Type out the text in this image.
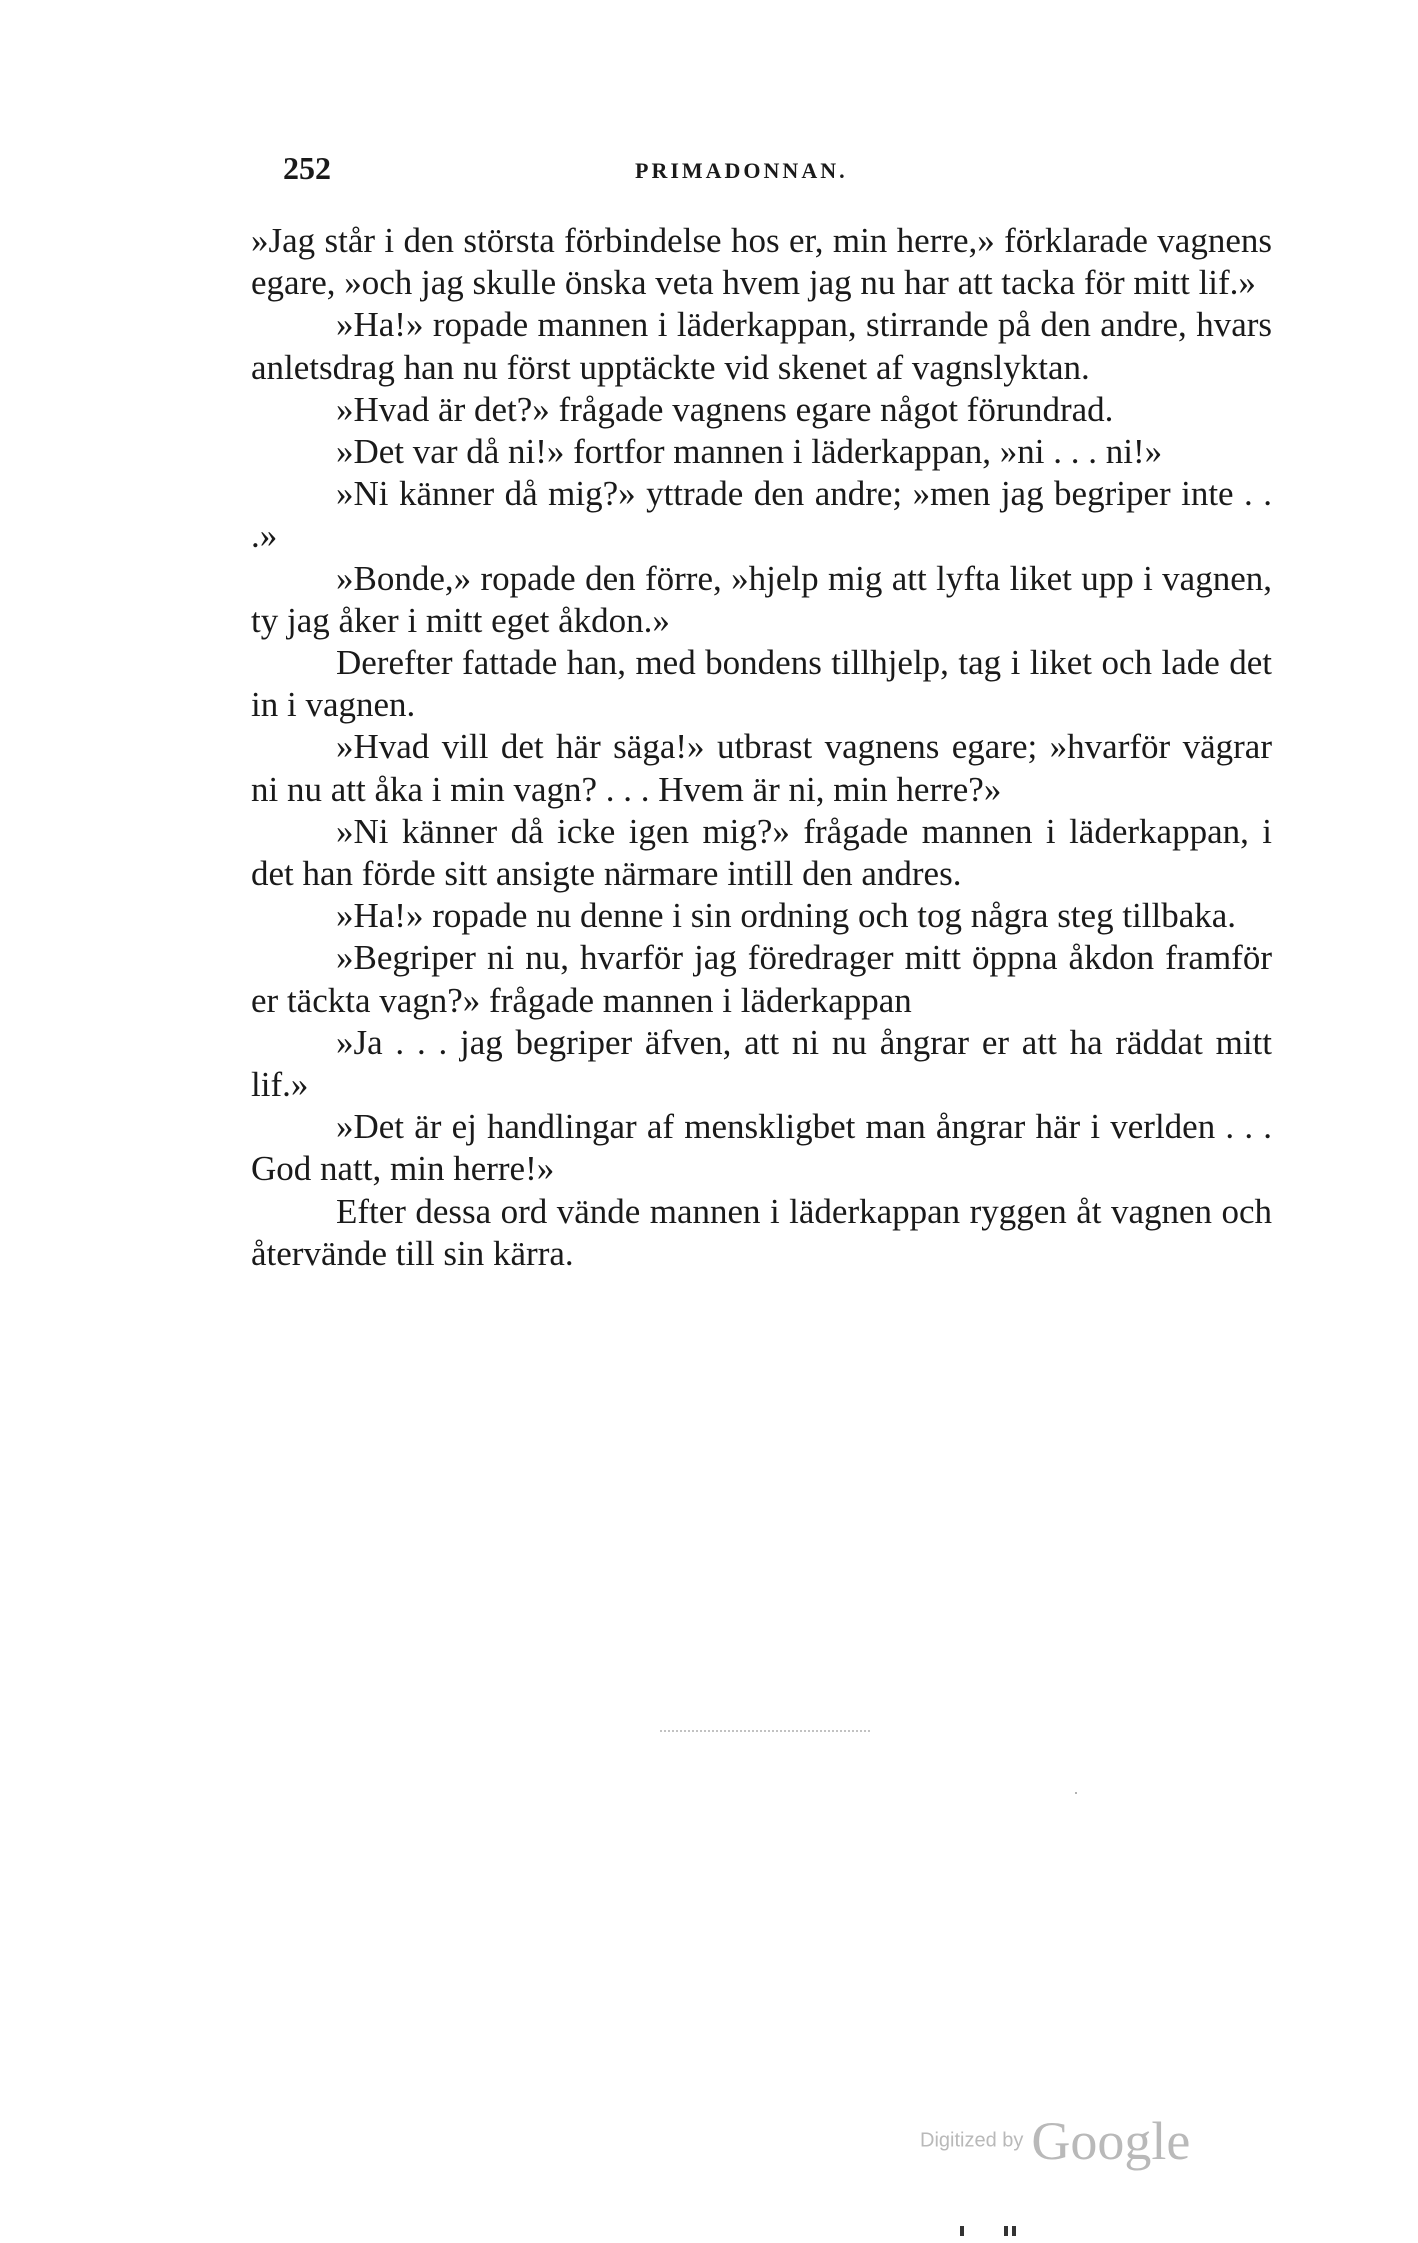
252	PRIMADONNAN.

»Jag står i den största förbindelse hos er, min herre,» förklarade vagnens egare, »och jag skulle önska veta hvem jag nu har att tacka för mitt lif.»

»Ha!» ropade mannen i läderkappan, stirrande på den andre, hvars anletsdrag han nu först upptäckte vid skenet af vagnslyktan.

»Hvad är det?» frågade vagnens egare något förundrad.

»Det var då ni!» fortfor mannen i läderkappan, »ni . . . ni!»

»Ni känner då mig?» yttrade den andre; »men jag begriper inte . . .»

»Bonde,» ropade den förre, »hjelp mig att lyfta liket upp i vagnen, ty jag åker i mitt eget åkdon.»

Derefter fattade han, med bondens tillhjelp, tag i liket och lade det in i vagnen.

»Hvad vill det här säga!» utbrast vagnens egare; »hvarför vägrar ni nu att åka i min vagn? . . . Hvem är ni, min herre?»

»Ni känner då icke igen mig?» frågade mannen i läderkappan, i det han förde sitt ansigte närmare intill den andres.

»Ha!» ropade nu denne i sin ordning och tog några steg tillbaka.

»Begriper ni nu, hvarför jag föredrager mitt öppna åkdon framför er täckta vagn?» frågade mannen i läderkappan

»Ja . . . jag begriper äfven, att ni nu ångrar er att ha räddat mitt lif.»

»Det är ej handlingar af menskligbet man ångrar här i verlden . . . God natt, min herre!»

Efter dessa ord vände mannen i läderkappan ryggen åt vagnen och återvände till sin kärra.

Digitized by Google
